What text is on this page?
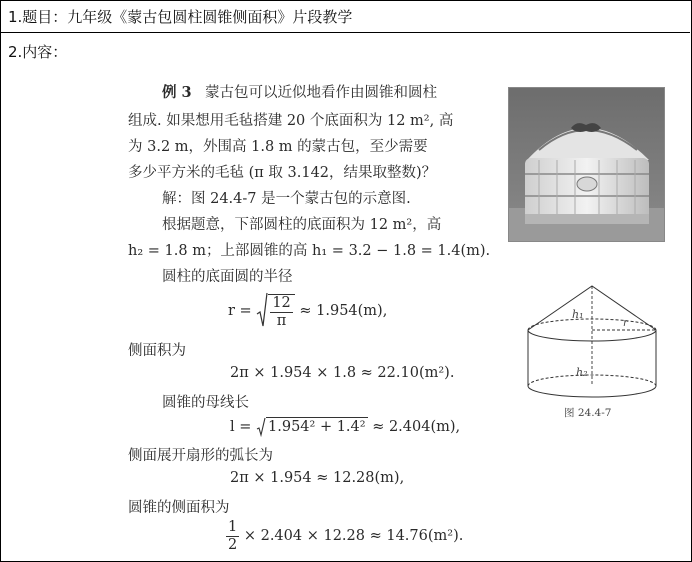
1.题目：九年级《蒙古包圆柱圆锥侧面积》片段教学
2.内容：
例 3 蒙古包可以近似地看作由圆锥和圆柱
组成. 如果想用毛毡搭建 20 个底面积为 12 m², 高
为 3.2 m，外围高 1.8 m 的蒙古包，至少需要
多少平方米的毛毡 (π 取 3.142，结果取整数)？
解：图 24.4-7 是一个蒙古包的示意图.
根据题意，下部圆柱的底面积为 12 m²，高
h₂ = 1.8 m；上部圆锥的高 h₁ = 3.2 − 1.8 = 1.4(m).
圆柱的底面圆的半径
$r = \frac{12}{\pi} \approx 1.954(m)$,
侧面积为
2π × 1.954 × 1.8 ≈ 22.10(m²).
圆锥的母线长
l = 1.954² + 1.4² ≈ 2.404(m),
侧面展开扇形的弧长为
2π × 1.954 ≈ 12.28(m),
圆锥的侧面积为
$\frac{1}{2} \times 2.404 \times 12.28 \approx 14.76(m^2)$.
h₁
h₂
r
图 24.4-7
